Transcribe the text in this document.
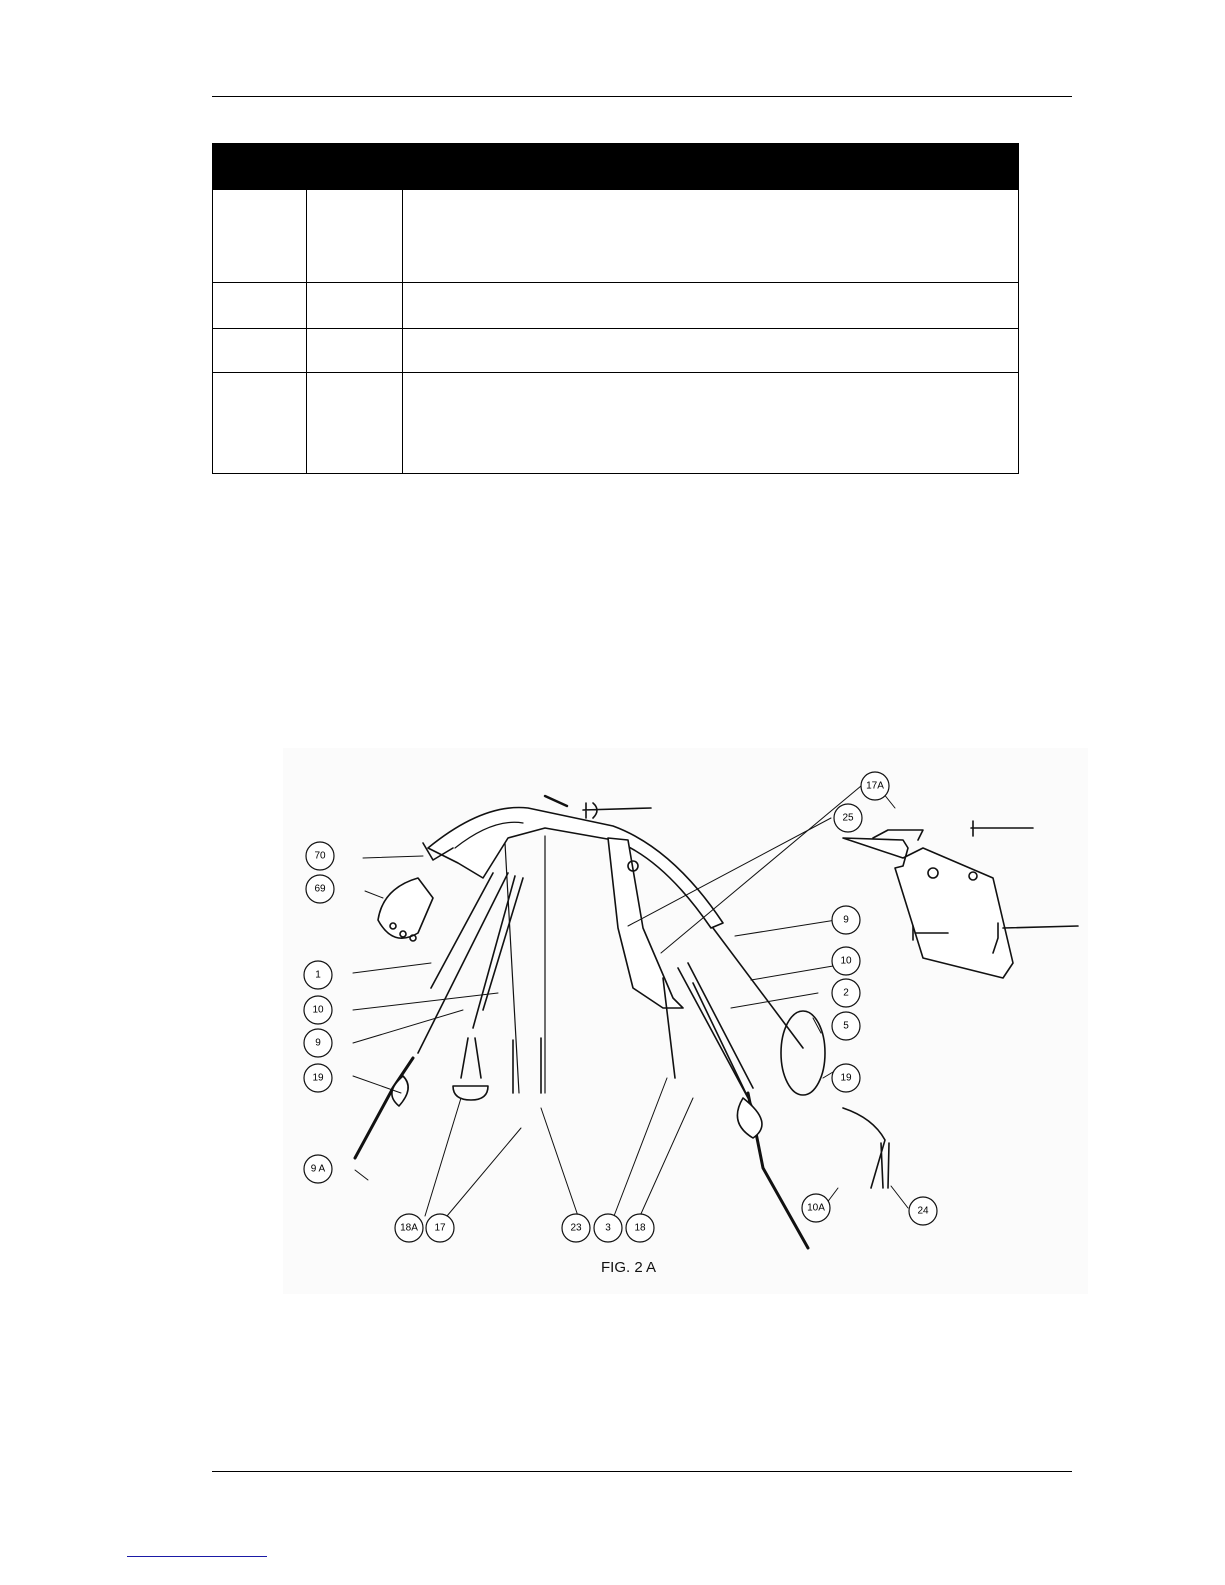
70
69
1
10
9
19
9 A
18A 17	23 3 18
10A	24
19
5
2
10
9
25
17A
FIG. 2 A
